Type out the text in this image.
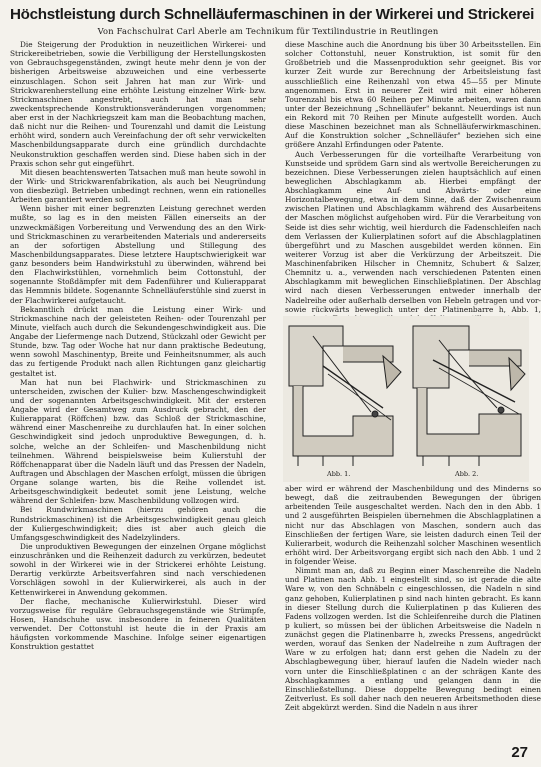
Höchstleistung durch Schnelläufermaschinen in der Wirkerei und Strickerei
Von Fachschulrat Carl Aberle am Technikum für Textilindustrie in Reutlingen

Die Steigerung der Produktion in neuzeitlichen Wirkerei- und Strickereibetrieben, sowie die Verbilligung der Herstellungskosten von Gebrauchsgegenständen, zwingt heute mehr denn je von der bisherigen Arbeitsweise abzuweichen und eine verbesserte einzuschlagen. Schon seit Jahren hat man zur Wirk- und Strickwarenherstellung eine erhöhte Leistung einzelner Wirk- bzw. Strickmaschinen angestrebt, auch hat man sehr zweckentsprechende Konstruktionsveränderungen vorgenommen; aber erst in der Nachkriegszeit kam man die Beobachtung machen, daß nicht nur die Reihen- und Tourenzahl und damit die Leistung erhöht wird, sondern auch Vereinfachung der oft sehr verwickelten Maschenbildungsapparate durch eine gründlich durchdachte Neukonstruktion geschaffen werden sind. Diese haben sich in der Praxis schon sehr gut eingeführt.

Mit diesen beachtenswerten Tatsachen muß man heute sowohl in der Wirk- und Strickwarenfabrikation, als auch bei Neugründung von diesbezügl. Betrieben unbedingt rechnen, wenn ein rationelles Arbeiten garantiert werden soll.

Wenn bisher mit einer begrenzten Leistung gerechnet werden mußte, so lag es in den meisten Fällen einerseits an der unzweckmäßigen Vorbereitung und Verwendung des an den Wirk- und Strickmaschinen zu verarbeitenden Materials und andererseits an der sofortigen Abstellung und Stillegung des Maschenbildungsapparates. Diese letztere Hauptschwierigkeit war ganz besonders beim Handwirkstuhl zu überwinden, während bei den Flachwirkstühlen, vornehmlich beim Cottonstuhl, der sogenannte Stoßdämpfer mit dem Fadenführer und Kulierapparat das Hemmnis bildete. Sogenannte Schnelläuferstühle sind zuerst in der Flachwirkerei aufgetaucht.

Bekanntlich drückt man die Leistung einer Wirk- und Strickmaschine nach der geleisteten Reihen- oder Tourenzahl per Minute, vielfach auch durch die Sekundengeschwindigkeit aus. Die Angabe der Liefermenge nach Dutzend, Stückzahl oder Gewicht per Stunde, bzw. Tag oder Woche hat nur dann praktische Bedeutung, wenn sowohl Maschinentyp, Breite und Feinheitsnummer, als auch das zu fertigende Produkt nach allen Richtungen ganz gleichartig gestaltet ist.

Man hat nun bei Flachwirk- und Strickmaschinen zu unterscheiden, zwischen der Kulier- bzw. Maschengeschwindigkeit und der sogenannten Arbeitsgeschwindigkeit. Mit der ersteren Angabe wird der Gesamtweg zum Ausdruck gebracht, den der Kulierapparat (Röffchen) bzw. das Schloß der Strickmaschine, während einer Maschenreihe zu durchlaufen hat. In einer solchen Geschwindigkeit sind jedoch unproduktive Bewegungen, d. h. solche, welche an der Schleifen- und Maschenbildung nicht teilnehmen. Während beispielsweise beim Kulierstuhl der Röffchenapparat über die Nadeln läuft und das Pressen der Nadeln, Auftragen und Abschlagen der Maschen erfolgt, müssen die übrigen Organe solange warten, bis die Reihe vollendet ist. Arbeitsgeschwindigkeit bedeutet somit jene Leistung, welche während der Schleifen- bzw. Maschenbildung vollzogen wird.

Bei Rundwirkmaschinen (hierzu gehören auch die Rundstrickmaschinen) ist die Arbeitsgeschwindigkeit genau gleich der Kuliergeschwindigkeit; dies ist aber auch gleich die Umfangsgeschwindigkeit des Nadelzylinders.

Die unproduktiven Bewegungen der einzelnen Organe möglichst einzuschränken und die Reihenzeit dadurch zu verkürzen, bedeutet sowohl in der Wirkerei wie in der Strickerei erhöhte Leistung. Derartig verkürzte Arbeitsverfahren sind nach verschiedenen Vorschlägen sowohl in der Kulierwirkerei, als auch in der Kettenwirkerei in Anwendung gekommen.

Der flache, mechanische Kulierwirkstuhl. Dieser wird vorzugsweise für reguläre Gebrauchsgegenstände wie Strümpfe, Hosen, Handschuhe usw. insbesondere in feineren Qualitäten verwendet. Der Cottonstuhl ist heute die in der Praxis am häufigsten vorkommende Maschine. Infolge seiner eigenartigen Konstruktion gestattet

diese Maschine auch die Anordnung bis über 30 Arbeitsstellen. Ein solcher Cottonstuhl, neuer Konstruktion, ist somit für den Großbetrieb und die Massenproduktion sehr geeignet. Bis vor kurzer Zeit wurde zur Berechnung der Arbeitsleistung fast ausschließlich eine Reihenzahl von etwa 45—55 per Minute angenommen. Erst in neuerer Zeit wird mit einer höheren Tourenzahl bis etwa 60 Reihen per Minute arbeiten, waren dann unter der Bezeichnung „Schnelläufer" bekannt. Neuerdings ist nun ein Rekord mit 70 Reihen per Minute aufgestellt worden. Auch diese Maschinen bezeichnet man als Schnelläuferwirkmaschinen. Auf die Konstruktion solcher „Schnelläufer" beziehen sich eine größere Anzahl Erfindungen oder Patente.

Auch Verbesserungen für die vorteilhafte Verarbeitung von Kunstseide und sprödem Garn sind als wertvolle Bereicherungen zu bezeichnen. Diese Verbesserungen zielen hauptsächlich auf einen beweglichen Abschlagkamm ab. Hierbei empfängt der Abschlagkamm eine Auf- und Abwärts- oder eine Horizontalbewegung, etwa in dem Sinne, daß der Zwischenraum zwischen Platinen und Abschlagkamm während des Ausarbeitens der Maschen möglichst aufgehoben wird. Für die Verarbeitung von Seide ist dies sehr wichtig, weil hierdurch die Fadenschleifen nach dem Verlassen der Kulierplatinen sofort auf die Abschlagplatinen übergeführt und zu Maschen ausgebildet werden können. Ein weiterer Vorzug ist aber die Verkürzung der Arbeitszeit. Die Maschinenfabriken Hilscher in Chemnitz, Schubert & Salzer, Chemnitz u. a., verwenden nach verschiedenen Patenten einen Abschlagkamm mit beweglichen Einschließplatinen. Der Abschlag wird nach diesen Verbesserungen entweder innerhalb der Nadelreihe oder außerhalb derselben von Hebeln getragen und vor- sowie rückwärts beweglich unter der Platinenbarre h, Abb. 1,

Abb. 1.	Abb. 2.

aber wird er während der Maschenbildung und des Minderns so bewegt, daß die zeitraubenden Bewegungen der übrigen arbeitenden Teile ausgeschaltet werden. Nach den in den Abb. 1 und 2 ausgeführten Beispielen übernehmen die Abschlagplatinen a nicht nur das Abschlagen von Maschen, sondern auch das Einschließen der fertigen Ware, sie leisten dadurch einen Teil der Kulierarbeit, wodurch die Reihenzahl solcher Maschinen wesentlich erhöht wird. Der Arbeitsvorgang ergibt sich nach den Abb. 1 und 2 in folgender Weise.

Nimmt man an, daß zu Beginn einer Maschenreihe die Nadeln und Platinen nach Abb. 1 eingestellt sind, so ist gerade die alte Ware w, von den Schnäbeln c eingeschlossen, die Nadeln n sind ganz gehoben, Kulierplatinen p sind nach hinten gebracht. Es kann in dieser Stellung durch die Kulierplatinen p das Kulieren des Fadens vollzogen werden. Ist die Schleifenreihe durch die Platinen p kuliert, so müssen bei der üblichen Arbeitsweise die Nadeln n zunächst gegen die Platinenbarre h, zwecks Pressens, angedrückt werden, worauf das Senken der Nadelreihe n zum Auftragen der Ware w zu erfolgen hat; dann erst gehen die Nadeln zu der Abschlagbewegung über, hierauf laufen die Nadeln wieder nach vorn unter die Einschließplatinen c an der schrägen Kante des Abschlagkammes a entlang und gelangen dann in die Einschließstellung. Diese doppelte Bewegung bedingt einen Zeitverlust. Es soll daher nach den neueren Arbeitsmethoden diese Zeit abgekürzt werden. Sind die Nadeln n aus ihrer

27
